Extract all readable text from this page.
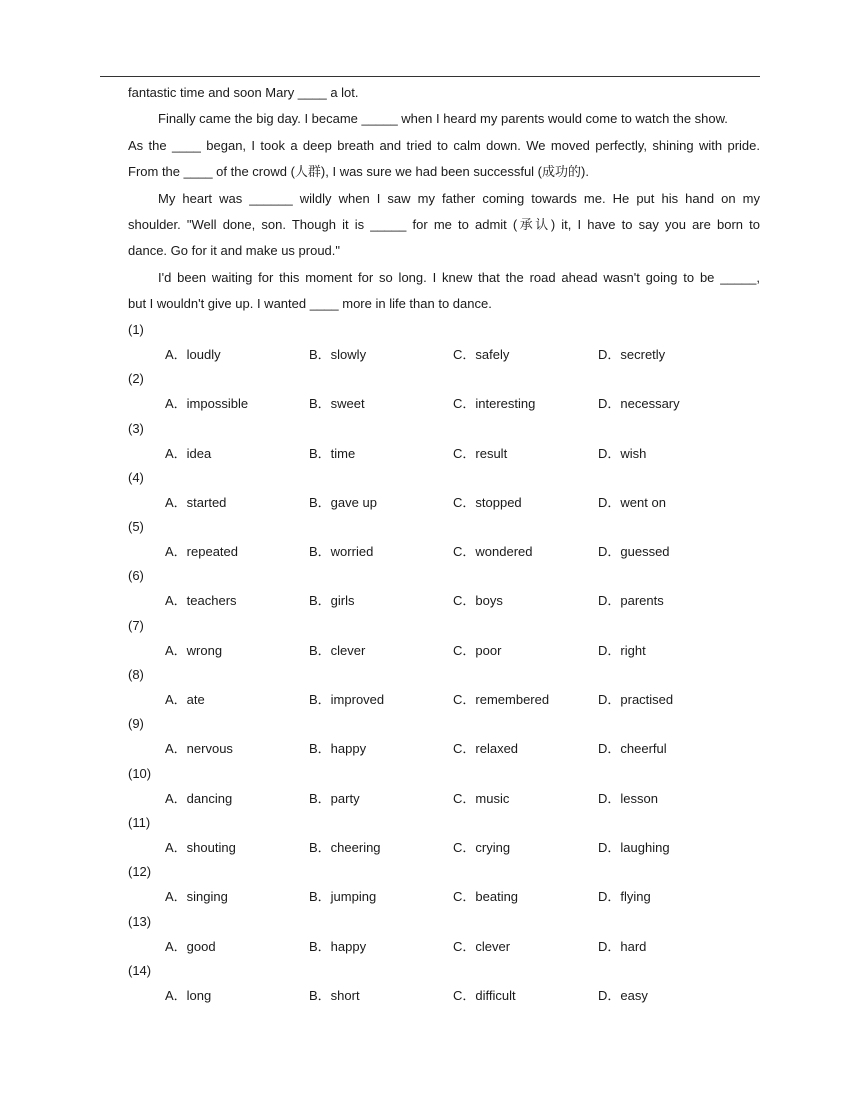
fantastic time and soon Mary ____ a lot.
Finally came the big day. I became _____ when I heard my parents would come to watch the show.
As the ____ began, I took a deep breath and tried to calm down. We moved perfectly, shining with pride.
From the ____ of the crowd (人群), I was sure we had been successful (成功的).
My heart was ______ wildly when I saw my father coming towards me. He put his hand on my
shoulder. "Well done, son. Though it is _____ for me to admit (承认) it, I have to say you are born to
dance. Go for it and make us proud."
I'd been waiting for this moment for so long. I knew that the road ahead wasn't going to be _____,
but I wouldn't give up. I wanted ____ more in life than to dance.
(1)
A．loudly	B．slowly	C．safely	D．secretly
(2)
A．impossible	B．sweet	C．interesting	D．necessary
(3)
A．idea	B．time	C．result	D．wish
(4)
A．started	B．gave up	C．stopped	D．went on
(5)
A．repeated	B．worried	C．wondered	D．guessed
(6)
A．teachers	B．girls	C．boys	D．parents
(7)
A．wrong	B．clever	C．poor	D．right
(8)
A．ate	B．improved	C．remembered	D．practised
(9)
A．nervous	B．happy	C．relaxed	D．cheerful
(10)
A．dancing	B．party	C．music	D．lesson
(11)
A．shouting	B．cheering	C．crying	D．laughing
(12)
A．singing	B．jumping	C．beating	D．flying
(13)
A．good	B．happy	C．clever	D．hard
(14)
A．long	B．short	C．difficult	D．easy
